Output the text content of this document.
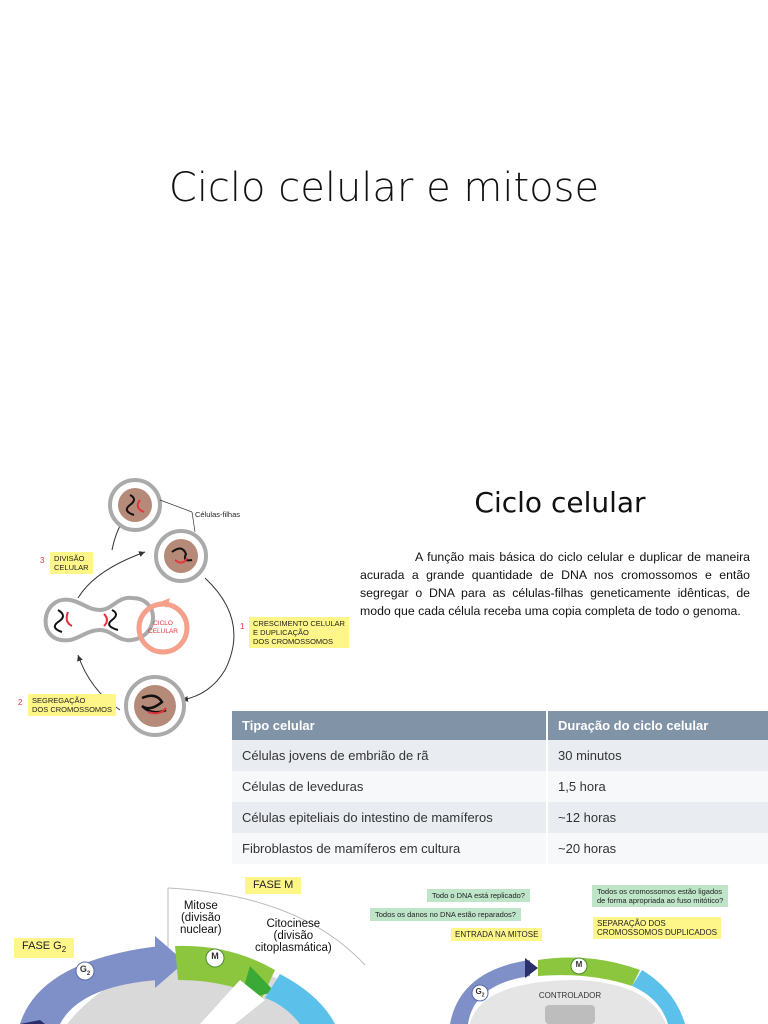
Ciclo celular e mitose
Células-filhas
CICLO
CELULAR
3 DIVISÃO
CELULAR
1 CRESCIMENTO CELULAR
E DUPLICAÇÃO
DOS CROMOSSOMOS
2 SEGREGAÇÃO
DOS CROMOSSOMOS
Ciclo celular
A função mais básica do ciclo celular e duplicar de maneira acurada a grande quantidade de DNA nos cromossomos e então segregar o DNA para as células-filhas geneticamente idênticas, de modo que cada célula receba uma copia completa de todo o genoma.
Tipo celular	Duração do ciclo celular
Células jovens de embrião de rã	30 minutos
Células de leveduras	1,5 hora
Células epiteliais do intestino de mamíferos	~12 horas
Fibroblastos de mamíferos em cultura	~20 horas
FASE M
FASE $G_2$
Mitose
(divisão
nuclear)	Citocinese
(divisão
citoplasmática)
M
$G_2$
Todo o DNA está replicado?
Todos os danos no DNA estão reparados?
Todos os cromossomos estão ligados
de forma apropriada ao fuso mitótico?
ENTRADA NA MITOSE
SEPARAÇÃO DOS
CROMOSSOMOS DUPLICADOS
M
$G_2$	CONTROLADOR
